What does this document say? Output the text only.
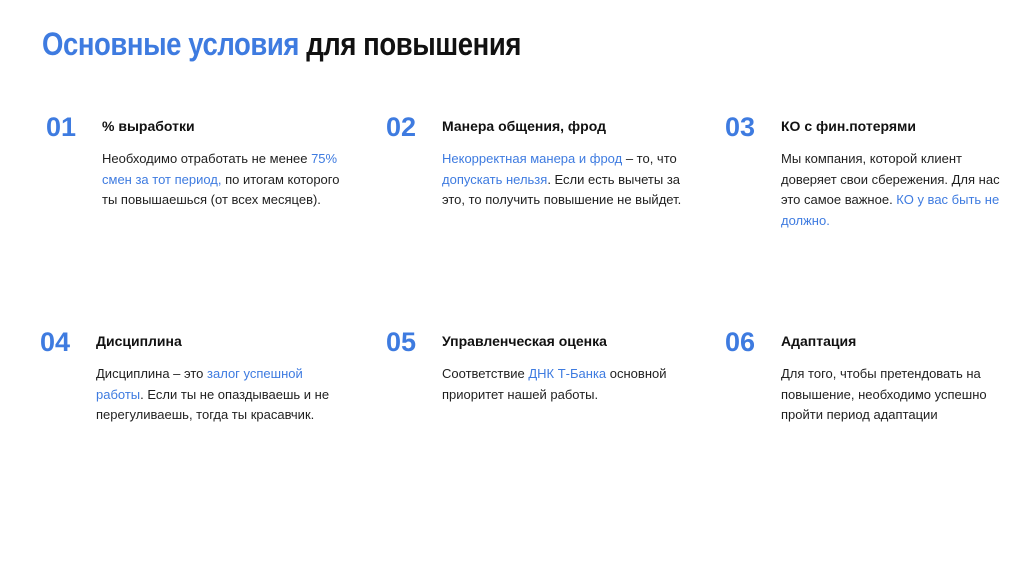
Основные условия для повышения
01 % выработки
Необходимо отработать не менее 75% смен за тот период, по итогам которого ты повышаешься (от всех месяцев).
02 Манера общения, фрод
Некорректная манера и фрод – то, что допускать нельзя. Если есть вычеты за это, то получить повышение не выйдет.
03 КО с фин.потерями
Мы компания, которой клиент доверяет свои сбережения. Для нас это самое важное. КО у вас быть не должно.
04 Дисциплина
Дисциплина – это залог успешной работы. Если ты не опаздываешь и не перегуливаешь, тогда ты красавчик.
05 Управленческая оценка
Соответствие ДНК Т-Банка основной приоритет нашей работы.
06 Адаптация
Для того, чтобы претендовать на повышение, необходимо успешно пройти период адаптации
